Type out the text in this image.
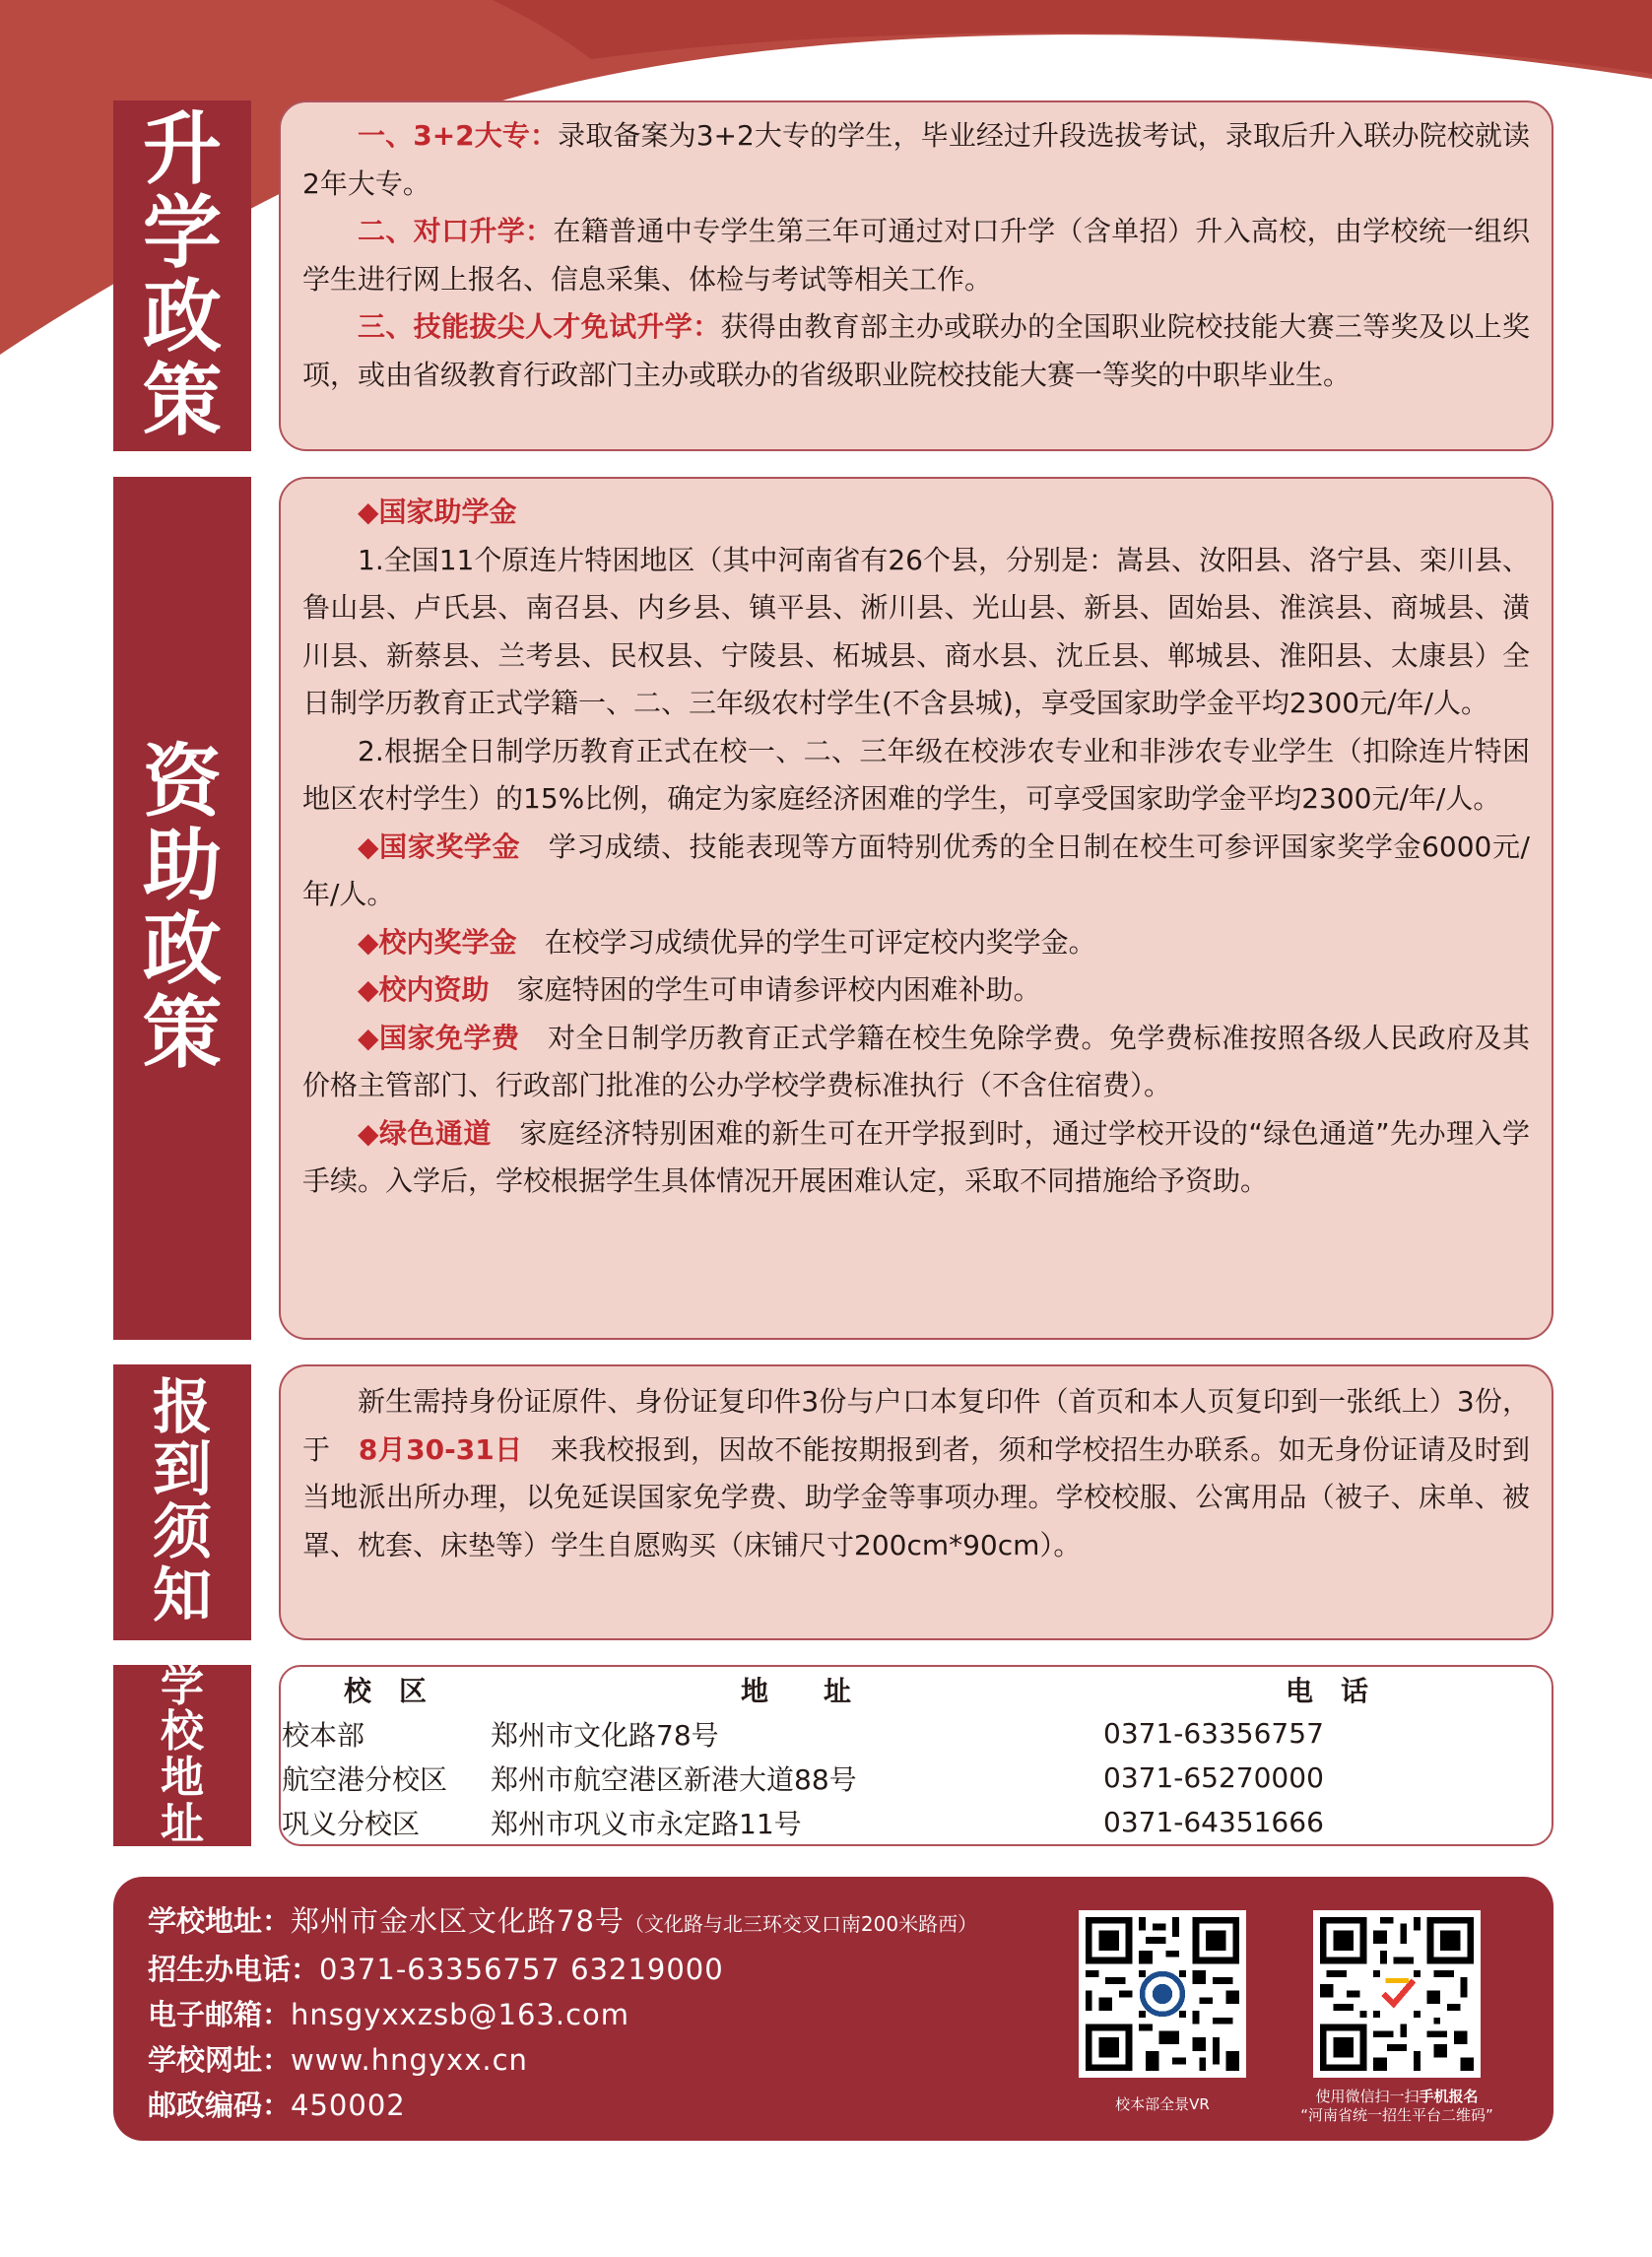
升
学
政
策

一、3+2大专：录取备案为3+2大专的学生，毕业经过升段选拔考试，录取后升入联办院校就读2年大专。

二、对口升学：在籍普通中专学生第三年可通过对口升学（含单招）升入高校，由学校统一组织学生进行网上报名、信息采集、体检与考试等相关工作。

三、技能拔尖人才免试升学：获得由教育部主办或联办的全国职业院校技能大赛三等奖及以上奖项，或由省级教育行政部门主办或联办的省级职业院校技能大赛一等奖的中职毕业生。

资
助
政
策

◆国家助学金

1.全国11个原连片特困地区（其中河南省有26个县，分别是：嵩县、汝阳县、洛宁县、栾川县、鲁山县、卢氏县、南召县、内乡县、镇平县、淅川县、光山县、新县、固始县、淮滨县、商城县、潢川县、新蔡县、兰考县、民权县、宁陵县、柘城县、商水县、沈丘县、郸城县、淮阳县、太康县）全日制学历教育正式学籍一、二、三年级农村学生(不含县城)，享受国家助学金平均2300元/年/人。

2.根据全日制学历教育正式在校一、二、三年级在校涉农专业和非涉农专业学生（扣除连片特困地区农村学生）的15%比例，确定为家庭经济困难的学生，可享受国家助学金平均2300元/年/人。

◆国家奖学金　 学习成绩、技能表现等方面特别优秀的全日制在校生可参评国家奖学金6000元/年/人。

◆校内奖学金　 在校学习成绩优异的学生可评定校内奖学金。

◆校内资助　 家庭特困的学生可申请参评校内困难补助。

◆国家免学费　 对全日制学历教育正式学籍在校生免除学费。免学费标准按照各级人民政府及其价格主管部门、行政部门批准的公办学校学费标准执行（不含住宿费）。

◆绿色通道　 家庭经济特别困难的新生可在开学报到时，通过学校开设的“绿色通道”先办理入学手续。入学后，学校根据学生具体情况开展困难认定，采取不同措施给予资助。

报
到
须
知

新生需持身份证原件、身份证复印件3份与户口本复印件（首页和本人页复印到一张纸上）3份，于　 8月30-31日　 来我校报到，因故不能按期报到者，须和学校招生办联系。如无身份证请及时到当地派出所办理，以免延误国家免学费、助学金等事项办理。学校校服、公寓用品（被子、床单、被罩、枕套、床垫等）学生自愿购买（床铺尺寸200cm*90cm）。

学
校
地
址
校　区	地　　址	电　话
校本部	郑州市文化路78号	0371-63356757
航空港分校区	郑州市航空港区新港大道88号	0371-65270000
巩义分校区	郑州市巩义市永定路11号	0371-64351666
学校地址：郑州市金水区文化路78号（文化路与北三环交叉口南200米路西）
招生办电话：0371-63356757 63219000
电子邮箱：hnsgyxxzsb@163.com
学校网址：www.hngyxx.cn
邮政编码：450002	校本部全景VR	使用微信扫一扫手机报名
“河南省统一招生平台二维码”
